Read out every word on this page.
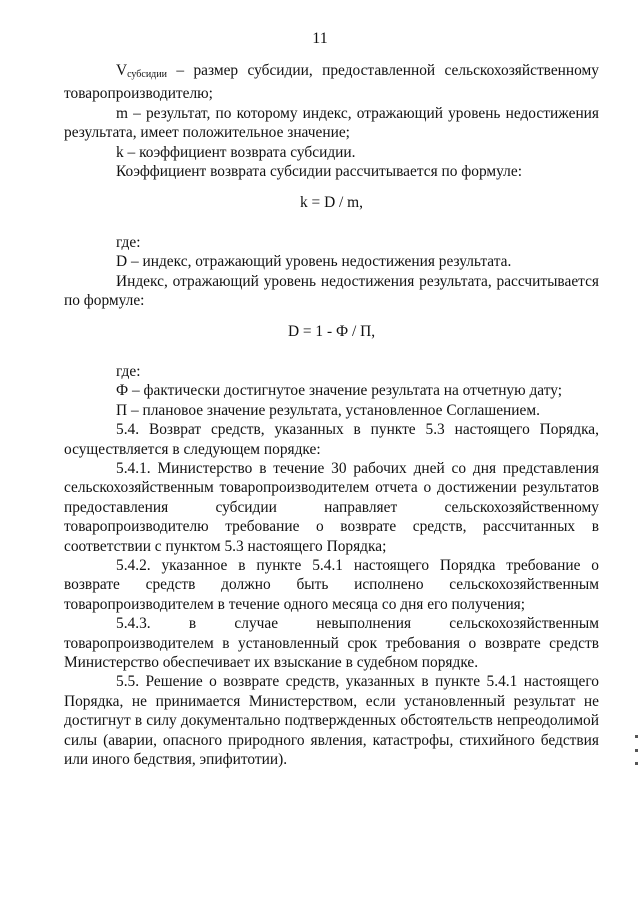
11

$V_{субсидии}$ – размер субсидии, предоставленной сельскохозяйственному товаропроизводителю;

m – результат, по которому индекс, отражающий уровень недостижения результата, имеет положительное значение;

k – коэффициент возврата субсидии.

Коэффициент возврата субсидии рассчитывается по формуле:

k = D / m,

где:

D – индекс, отражающий уровень недостижения результата.

Индекс, отражающий уровень недостижения результата, рассчитывается по формуле:

D = 1 - Ф / П,

где:

Ф – фактически достигнутое значение результата на отчетную дату;

П – плановое значение результата, установленное Соглашением.

5.4. Возврат средств, указанных в пункте 5.3 настоящего Порядка, осуществляется в следующем порядке:

5.4.1. Министерство в течение 30 рабочих дней со дня представления сельскохозяйственным товаропроизводителем отчета о достижении результатов предоставления субсидии направляет сельскохозяйственному товаропроизводителю требование о возврате средств, рассчитанных в соответствии с пунктом 5.3 настоящего Порядка;

5.4.2. указанное в пункте 5.4.1 настоящего Порядка требование о возврате средств должно быть исполнено сельскохозяйственным товаропроизводителем в течение одного месяца со дня его получения;

5.4.3. в случае невыполнения сельскохозяйственным товаропроизводителем в установленный срок требования о возврате средств Министерство обеспечивает их взыскание в судебном порядке.

5.5. Решение о возврате средств, указанных в пункте 5.4.1 настоящего Порядка, не принимается Министерством, если установленный результат не достигнут в силу документально подтвержденных обстоятельств непреодолимой силы (аварии, опасного природного явления, катастрофы, стихийного бедствия или иного бедствия, эпифитотии).
